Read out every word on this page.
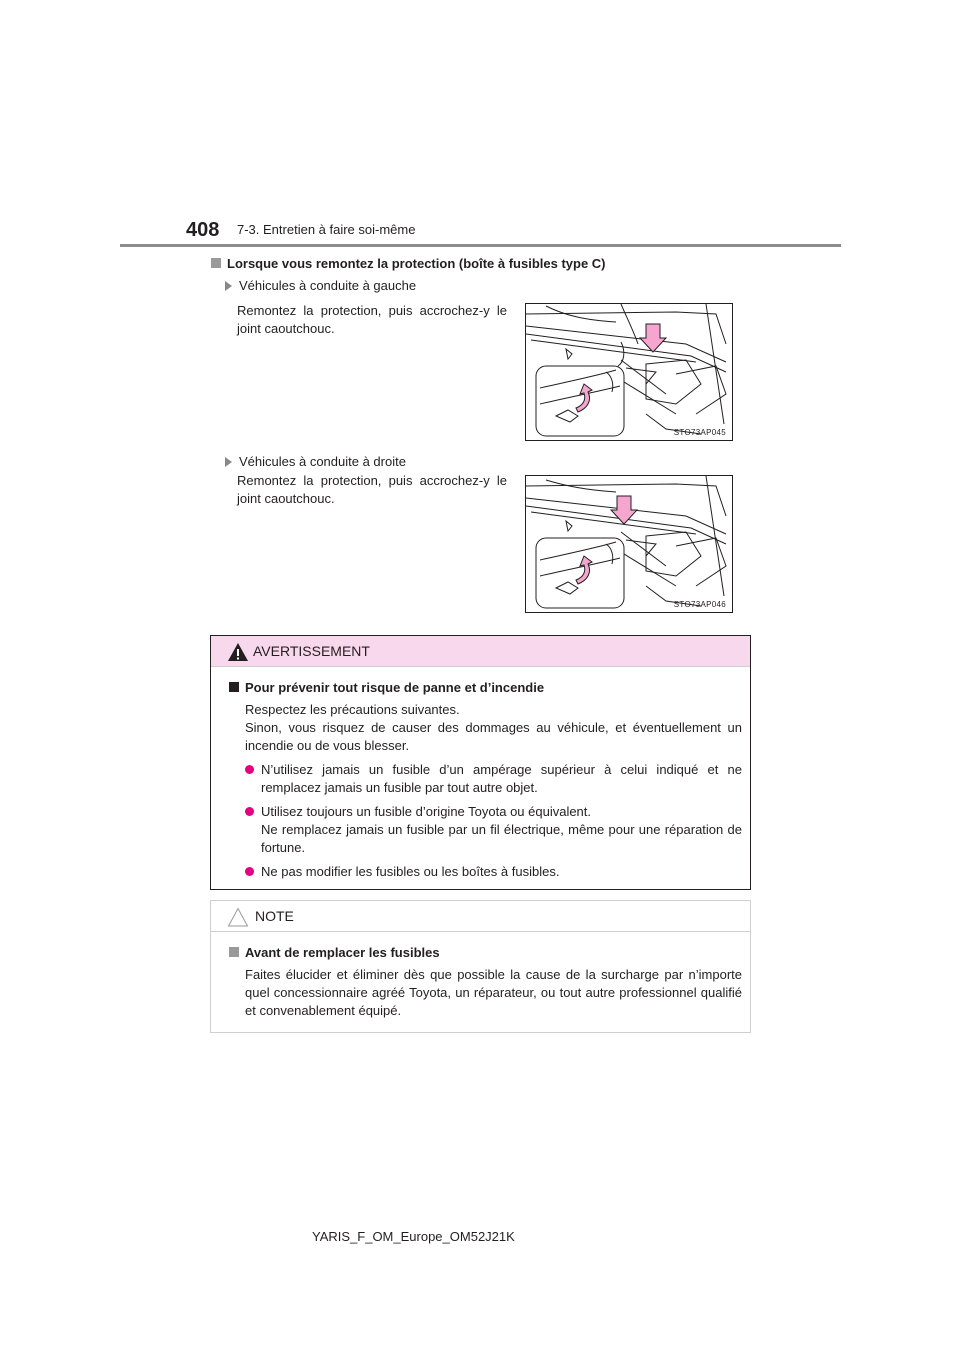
408 7-3. Entretien à faire soi-même
Lorsque vous remontez la protection (boîte à fusibles type C)
Véhicules à conduite à gauche
Remontez la protection, puis accrochez-y le joint caoutchouc.
STO73AP045
Véhicules à conduite à droite
Remontez la protection, puis accrochez-y le joint caoutchouc.
STO73AP046
AVERTISSEMENT
Pour prévenir tout risque de panne et d’incendie
Respectez les précautions suivantes.
Sinon, vous risquez de causer des dommages au véhicule, et éventuellement un incendie ou de vous blesser.
N’utilisez jamais un fusible d’un ampérage supérieur à celui indiqué et ne remplacez jamais un fusible par tout autre objet.
Utilisez toujours un fusible d’origine Toyota ou équivalent.
Ne remplacez jamais un fusible par un fil électrique, même pour une réparation de fortune.
Ne pas modifier les fusibles ou les boîtes à fusibles.
NOTE
Avant de remplacer les fusibles
Faites élucider et éliminer dès que possible la cause de la surcharge par n’importe quel concessionnaire agréé Toyota, un réparateur, ou tout autre professionnel qualifié et convenablement équipé.
YARIS_F_OM_Europe_OM52J21K
